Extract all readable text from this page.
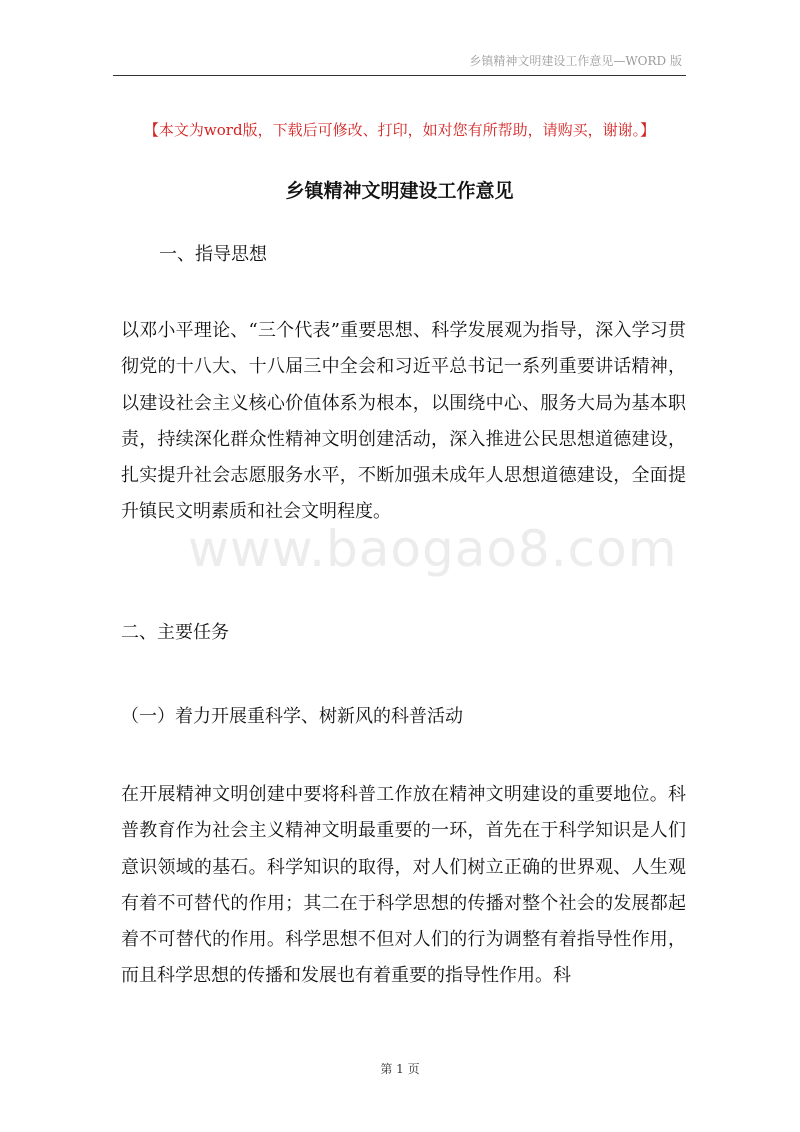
www.baogao8.com
乡镇精神文明建设工作意见—WORD 版
【本文为word版，下载后可修改、打印，如对您有所帮助，请购买，谢谢。】
乡镇精神文明建设工作意见
一、指导思想
以邓小平理论、“三个代表”重要思想、科学发展观为指导，深入学习贯彻党的十八大、十八届三中全会和习近平总书记一系列重要讲话精神，以建设社会主义核心价值体系为根本，以围绕中心、服务大局为基本职责，持续深化群众性精神文明创建活动，深入推进公民思想道德建设，扎实提升社会志愿服务水平，不断加强未成年人思想道德建设，全面提升镇民文明素质和社会文明程度。
二、主要任务
（一）着力开展重科学、树新风的科普活动
在开展精神文明创建中要将科普工作放在精神文明建设的重要地位。科普教育作为社会主义精神文明最重要的一环，首先在于科学知识是人们意识领域的基石。科学知识的取得，对人们树立正确的世界观、人生观有着不可替代的作用；其二在于科学思想的传播对整个社会的发展都起着不可替代的作用。科学思想不但对人们的行为调整有着指导性作用，而且科学思想的传播和发展也有着重要的指导性作用。科
第 1 页
